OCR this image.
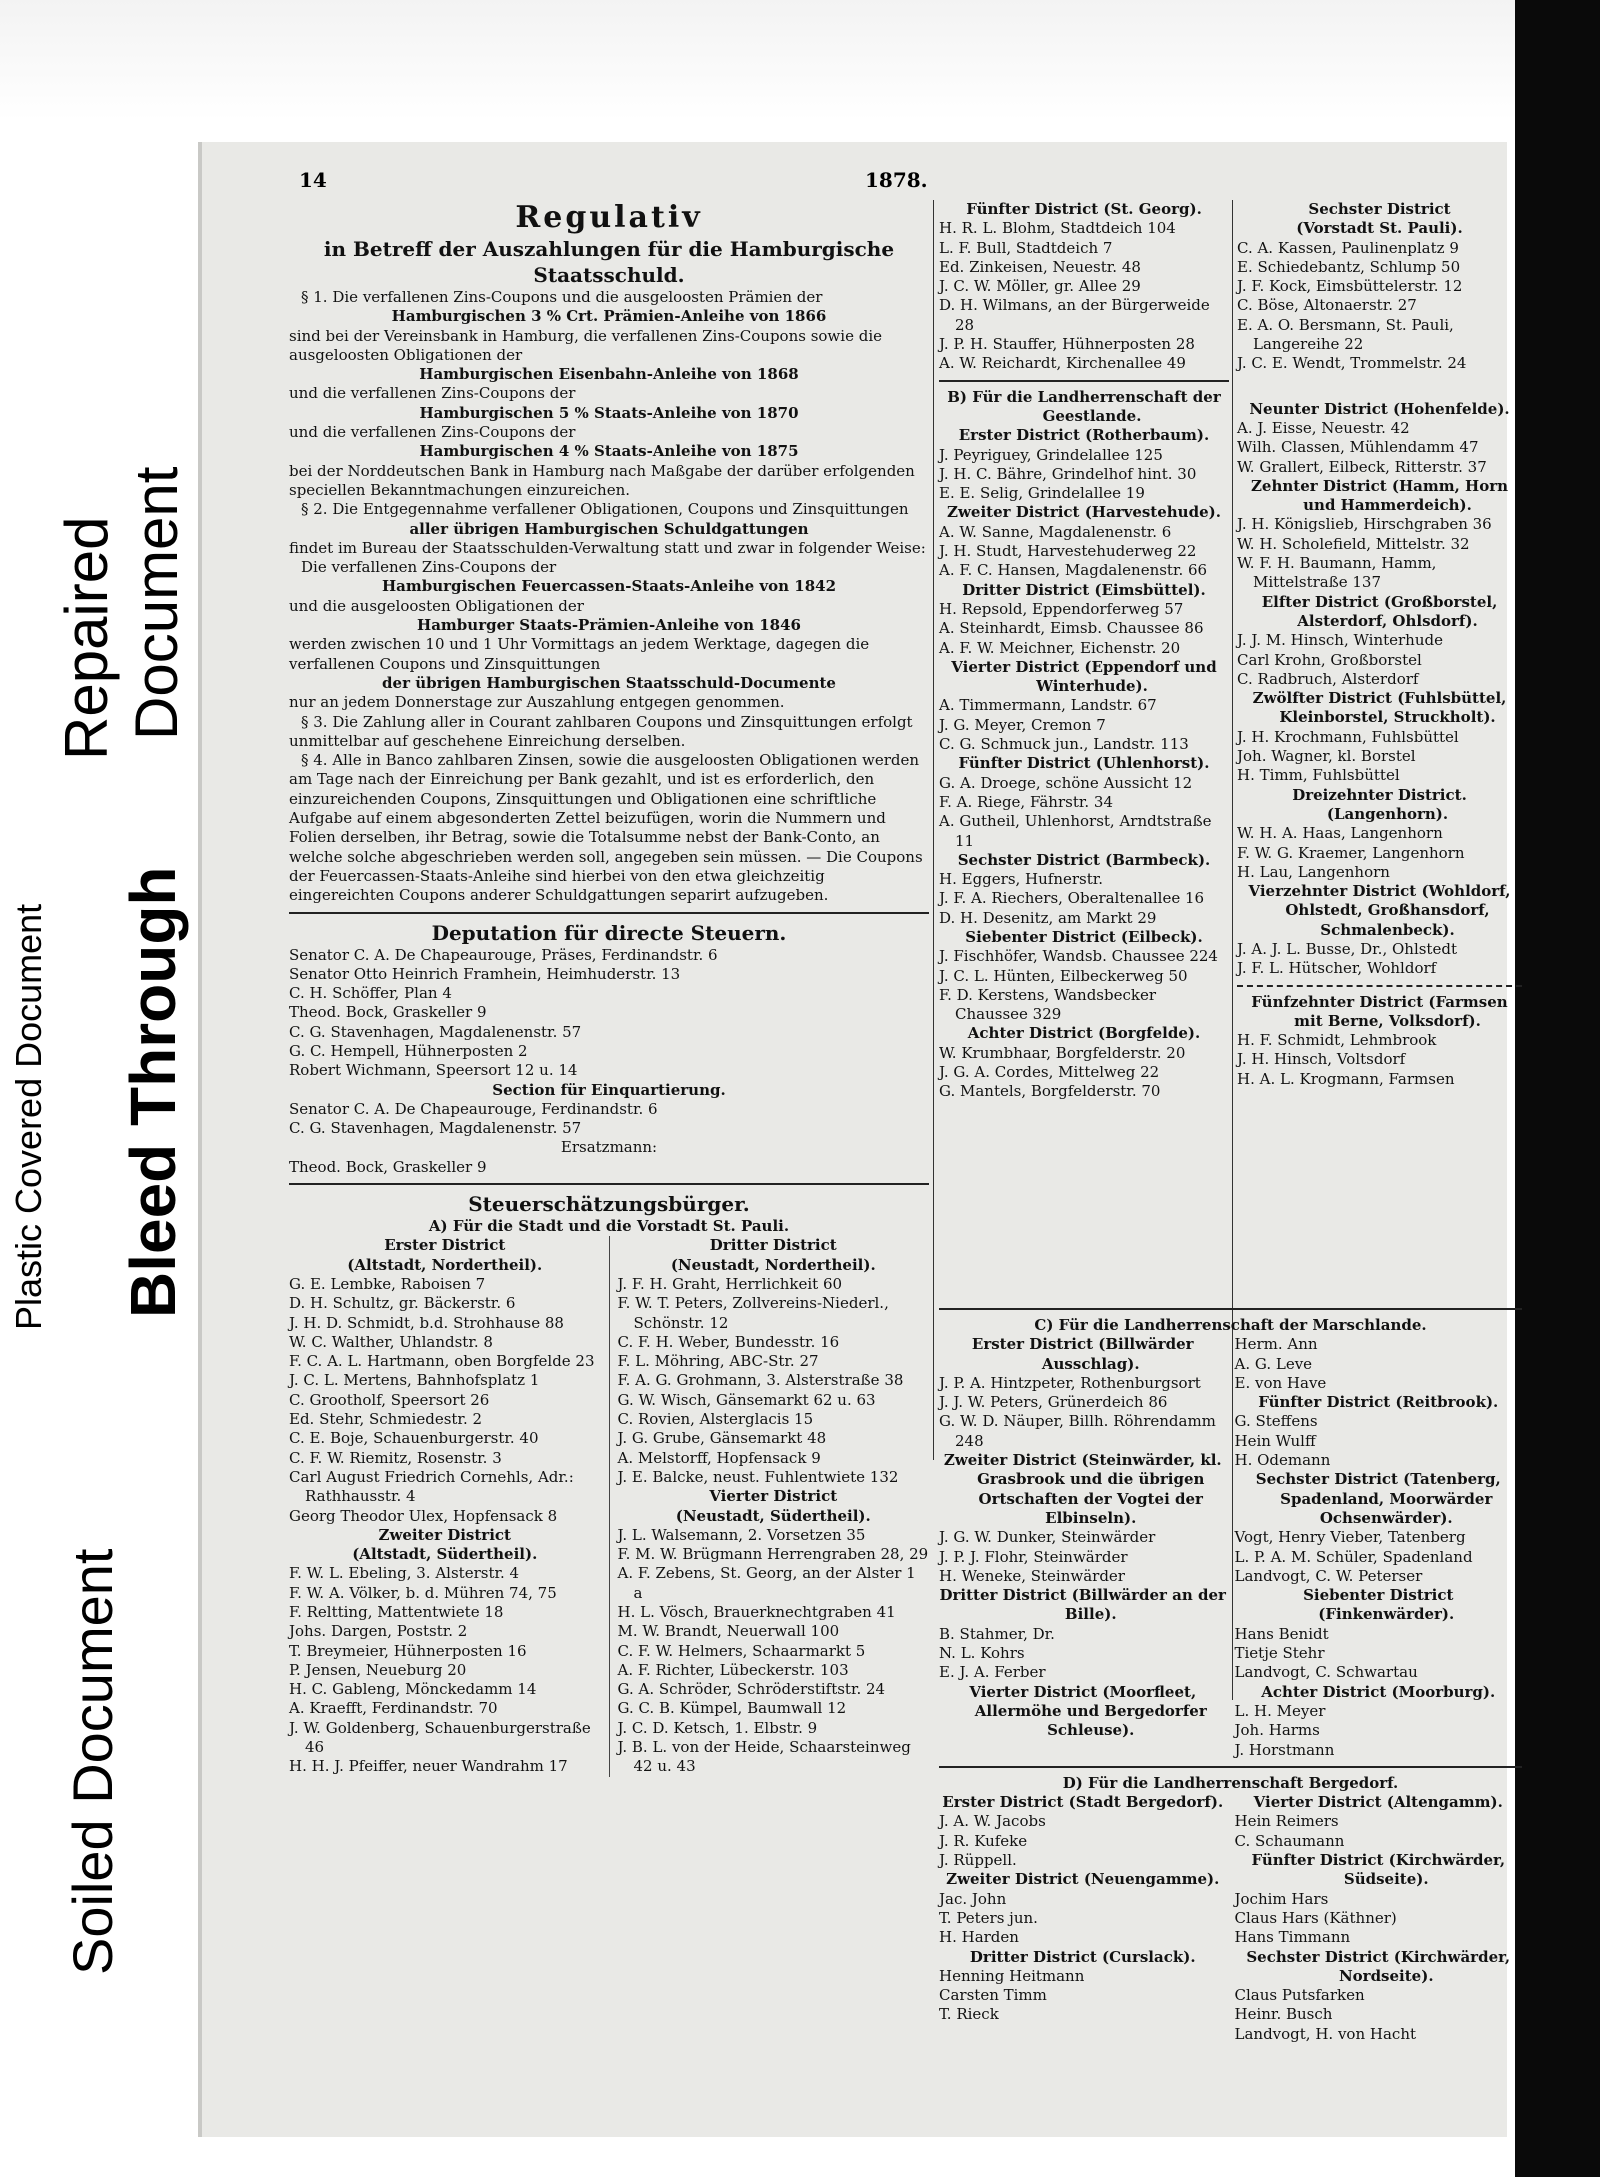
Plastic Covered Document
Soiled Document
Repaired Document
Bleed Through
14	1878.
Regulativ
in Betreff der Auszahlungen für die Hamburgische
Staatsschuld.
§ 1. Die verfallenen Zins-Coupons und die ausgeloosten Prämien der
Hamburgischen 3 % Crt. Prämien-Anleihe von 1866
sind bei der Vereinsbank in Hamburg, die verfallenen Zins-Coupons sowie die ausgeloosten Obligationen der
Hamburgischen Eisenbahn-Anleihe von 1868
und die verfallenen Zins-Coupons der
Hamburgischen 5 % Staats-Anleihe von 1870
und die verfallenen Zins-Coupons der
Hamburgischen 4 % Staats-Anleihe von 1875
bei der Norddeutschen Bank in Hamburg nach Maßgabe der darüber erfolgenden speciellen Bekanntmachungen einzureichen.
§ 2. Die Entgegennahme verfallener Obligationen, Coupons und Zinsquittungen
aller übrigen Hamburgischen Schuldgattungen
findet im Bureau der Staatsschulden-Verwaltung statt und zwar in folgender Weise:
Die verfallenen Zins-Coupons der
Hamburgischen Feuercassen-Staats-Anleihe von 1842
und die ausgeloosten Obligationen der
Hamburger Staats-Prämien-Anleihe von 1846
werden zwischen 10 und 1 Uhr Vormittags an jedem Werktage, dagegen die verfallenen Coupons und Zinsquittungen
der übrigen Hamburgischen Staatsschuld-Documente
nur an jedem Donnerstage zur Auszahlung entgegen genommen.
§ 3. Die Zahlung aller in Courant zahlbaren Coupons und Zinsquittungen erfolgt unmittelbar auf geschehene Einreichung derselben.
§ 4. Alle in Banco zahlbaren Zinsen, sowie die ausgeloosten Obligationen werden am Tage nach der Einreichung per Bank gezahlt, und ist es erforderlich, den einzureichenden Coupons, Zinsquittungen und Obligationen eine schriftliche Aufgabe auf einem abgesonderten Zettel beizufügen, worin die Nummern und Folien derselben, ihr Betrag, sowie die Totalsumme nebst der Bank-Conto, an welche solche abgeschrieben werden soll, angegeben sein müssen. — Die Coupons der Feuercassen-Staats-Anleihe sind hierbei von den etwa gleichzeitig eingereichten Coupons anderer Schuldgattungen separirt aufzugeben.
Deputation für directe Steuern.
Senator C. A. De Chapeaurouge, Präses, Ferdinandstr. 6
Senator Otto Heinrich Framhein, Heimhuderstr. 13
C. H. Schöffer, Plan 4
Theod. Bock, Graskeller 9
C. G. Stavenhagen, Magdalenenstr. 57
G. C. Hempell, Hühnerposten 2
Robert Wichmann, Speersort 12 u. 14
Section für Einquartierung.
Senator C. A. De Chapeaurouge, Ferdinandstr. 6
C. G. Stavenhagen, Magdalenenstr. 57
Ersatzmann:
Theod. Bock, Graskeller 9
Steuerschätzungsbürger.
A) Für die Stadt und die Vorstadt St. Pauli.
Erster District
(Altstadt, Nordertheil).
G. E. Lembke, Raboisen 7
D. H. Schultz, gr. Bäckerstr. 6
J. H. D. Schmidt, b.d. Strohhause 88
W. C. Walther, Uhlandstr. 8
F. C. A. L. Hartmann, oben Borgfelde 23
J. C. L. Mertens, Bahnhofsplatz 1
C. Grootholf, Speersort 26
Ed. Stehr, Schmiedestr. 2
C. E. Boje, Schauenburgerstr. 40
C. F. W. Riemitz, Rosenstr. 3
Carl August Friedrich Cornehls, Adr.: Rathhausstr. 4
Georg Theodor Ulex, Hopfensack 8
Zweiter District
(Altstadt, Südertheil).
F. W. L. Ebeling, 3. Alsterstr. 4
F. W. A. Völker, b. d. Mühren 74, 75
F. Reltting, Mattentwiete 18
Johs. Dargen, Poststr. 2
T. Breymeier, Hühnerposten 16
P. Jensen, Neueburg 20
H. C. Gableng, Mönckedamm 14
A. Kraefft, Ferdinandstr. 70
J. W. Goldenberg, Schauenburgerstraße 46
H. H. J. Pfeiffer, neuer Wandrahm 17
Dritter District
(Neustadt, Nordertheil).
J. F. H. Graht, Herrlichkeit 60
F. W. T. Peters, Zollvereins-Niederl., Schönstr. 12
C. F. H. Weber, Bundesstr. 16
F. L. Möhring, ABC-Str. 27
F. A. G. Grohmann, 3. Alsterstraße 38
G. W. Wisch, Gänsemarkt 62 u. 63
C. Rovien, Alsterglacis 15
J. G. Grube, Gänsemarkt 48
A. Melstorff, Hopfensack 9
J. E. Balcke, neust. Fuhlentwiete 132
Vierter District
(Neustadt, Südertheil).
J. L. Walsemann, 2. Vorsetzen 35
F. M. W. Brügmann Herrengraben 28, 29
A. F. Zebens, St. Georg, an der Alster 1 a
H. L. Vösch, Brauerknechtgraben 41
M. W. Brandt, Neuerwall 100
C. F. W. Helmers, Schaarmarkt 5
A. F. Richter, Lübeckerstr. 103
G. A. Schröder, Schröderstiftstr. 24
G. C. B. Kümpel, Baumwall 12
J. C. D. Ketsch, 1. Elbstr. 9
J. B. L. von der Heide, Schaarsteinweg 42 u. 43
Fünfter District (St. Georg).
H. R. L. Blohm, Stadtdeich 104
L. F. Bull, Stadtdeich 7
Ed. Zinkeisen, Neuestr. 48
J. C. W. Möller, gr. Allee 29
D. H. Wilmans, an der Bürgerweide 28
J. P. H. Stauffer, Hühnerposten 28
A. W. Reichardt, Kirchenallee 49
B) Für die Landherrenschaft der Geestlande.
Erster District (Rotherbaum).
J. Peyriguey, Grindelallee 125
J. H. C. Bähre, Grindelhof hint. 30
E. E. Selig, Grindelallee 19
Zweiter District (Harvestehude).
A. W. Sanne, Magdalenenstr. 6
J. H. Studt, Harvestehuderweg 22
A. F. C. Hansen, Magdalenenstr. 66
Dritter District (Eimsbüttel).
H. Repsold, Eppendorferweg 57
A. Steinhardt, Eimsb. Chaussee 86
A. F. W. Meichner, Eichenstr. 20
Vierter District (Eppendorf und Winterhude).
A. Timmermann, Landstr. 67
J. G. Meyer, Cremon 7
C. G. Schmuck jun., Landstr. 113
Fünfter District (Uhlenhorst).
G. A. Droege, schöne Aussicht 12
F. A. Riege, Fährstr. 34
A. Gutheil, Uhlenhorst, Arndtstraße 11
Sechster District (Barmbeck).
H. Eggers, Hufnerstr.
J. F. A. Riechers, Oberaltenallee 16
D. H. Desenitz, am Markt 29
Siebenter District (Eilbeck).
J. Fischhöfer, Wandsb. Chaussee 224
J. C. L. Hünten, Eilbeckerweg 50
F. D. Kerstens, Wandsbecker Chaussee 329
Achter District (Borgfelde).
W. Krumbhaar, Borgfelderstr. 20
J. G. A. Cordes, Mittelweg 22
G. Mantels, Borgfelderstr. 70
Sechster District
(Vorstadt St. Pauli).
C. A. Kassen, Paulinenplatz 9
E. Schiedebantz, Schlump 50
J. F. Kock, Eimsbüttelerstr. 12
C. Böse, Altonaerstr. 27
E. A. O. Bersmann, St. Pauli, Langereihe 22
J. C. E. Wendt, Trommelstr. 24
Neunter District (Hohenfelde).
A. J. Eisse, Neuestr. 42
Wilh. Classen, Mühlendamm 47
W. Grallert, Eilbeck, Ritterstr. 37
Zehnter District (Hamm, Horn und Hammerdeich).
J. H. Königslieb, Hirschgraben 36
W. H. Scholefield, Mittelstr. 32
W. F. H. Baumann, Hamm, Mittelstraße 137
Elfter District (Großborstel, Alsterdorf, Ohlsdorf).
J. J. M. Hinsch, Winterhude
Carl Krohn, Großborstel
C. Radbruch, Alsterdorf
Zwölfter District (Fuhlsbüttel, Kleinborstel, Struckholt).
J. H. Krochmann, Fuhlsbüttel
Joh. Wagner, kl. Borstel
H. Timm, Fuhlsbüttel
Dreizehnter District. (Langenhorn).
W. H. A. Haas, Langenhorn
F. W. G. Kraemer, Langenhorn
H. Lau, Langenhorn
Vierzehnter District (Wohldorf, Ohlstedt, Großhansdorf, Schmalenbeck).
J. A. J. L. Busse, Dr., Ohlstedt
J. F. L. Hütscher, Wohldorf
Fünfzehnter District (Farmsen mit Berne, Volksdorf).
H. F. Schmidt, Lehmbrook
J. H. Hinsch, Voltsdorf
H. A. L. Krogmann, Farmsen
C) Für die Landherrenschaft der Marschlande.
Erster District (Billwärder Ausschlag).
J. P. A. Hintzpeter, Rothenburgsort
J. J. W. Peters, Grünerdeich 86
G. W. D. Näuper, Billh. Röhrendamm 248
Zweiter District (Steinwärder, kl. Grasbrook und die übrigen Ortschaften der Vogtei der Elbinseln).
J. G. W. Dunker, Steinwärder
J. P. J. Flohr, Steinwärder
H. Weneke, Steinwärder
Dritter District (Billwärder an der Bille).
B. Stahmer, Dr.
N. L. Kohrs
E. J. A. Ferber
Vierter District (Moorfleet, Allermöhe und Bergedorfer Schleuse).
Herm. Ann
A. G. Leve
E. von Have
Fünfter District (Reitbrook).
G. Steffens
Hein Wulff
H. Odemann
Sechster District (Tatenberg, Spadenland, Moorwärder Ochsenwärder).
Vogt, Henry Vieber, Tatenberg
L. P. A. M. Schüler, Spadenland
Landvogt, C. W. Peterser
Siebenter District (Finkenwärder).
Hans Benidt
Tietje Stehr
Landvogt, C. Schwartau
Achter District (Moorburg).
L. H. Meyer
Joh. Harms
J. Horstmann
D) Für die Landherrenschaft Bergedorf.
Erster District (Stadt Bergedorf).
J. A. W. Jacobs
J. R. Kufeke
J. Rüppell.
Zweiter District (Neuengamme).
Jac. John
T. Peters jun.
H. Harden
Dritter District (Curslack).
Henning Heitmann
Carsten Timm
T. Rieck
Vierter District (Altengamm).
Hein Reimers
C. Schaumann
Fünfter District (Kirchwärder, Südseite).
Jochim Hars
Claus Hars (Käthner)
Hans Timmann
Sechster District (Kirchwärder, Nordseite).
Claus Putsfarken
Heinr. Busch
Landvogt, H. von Hacht
